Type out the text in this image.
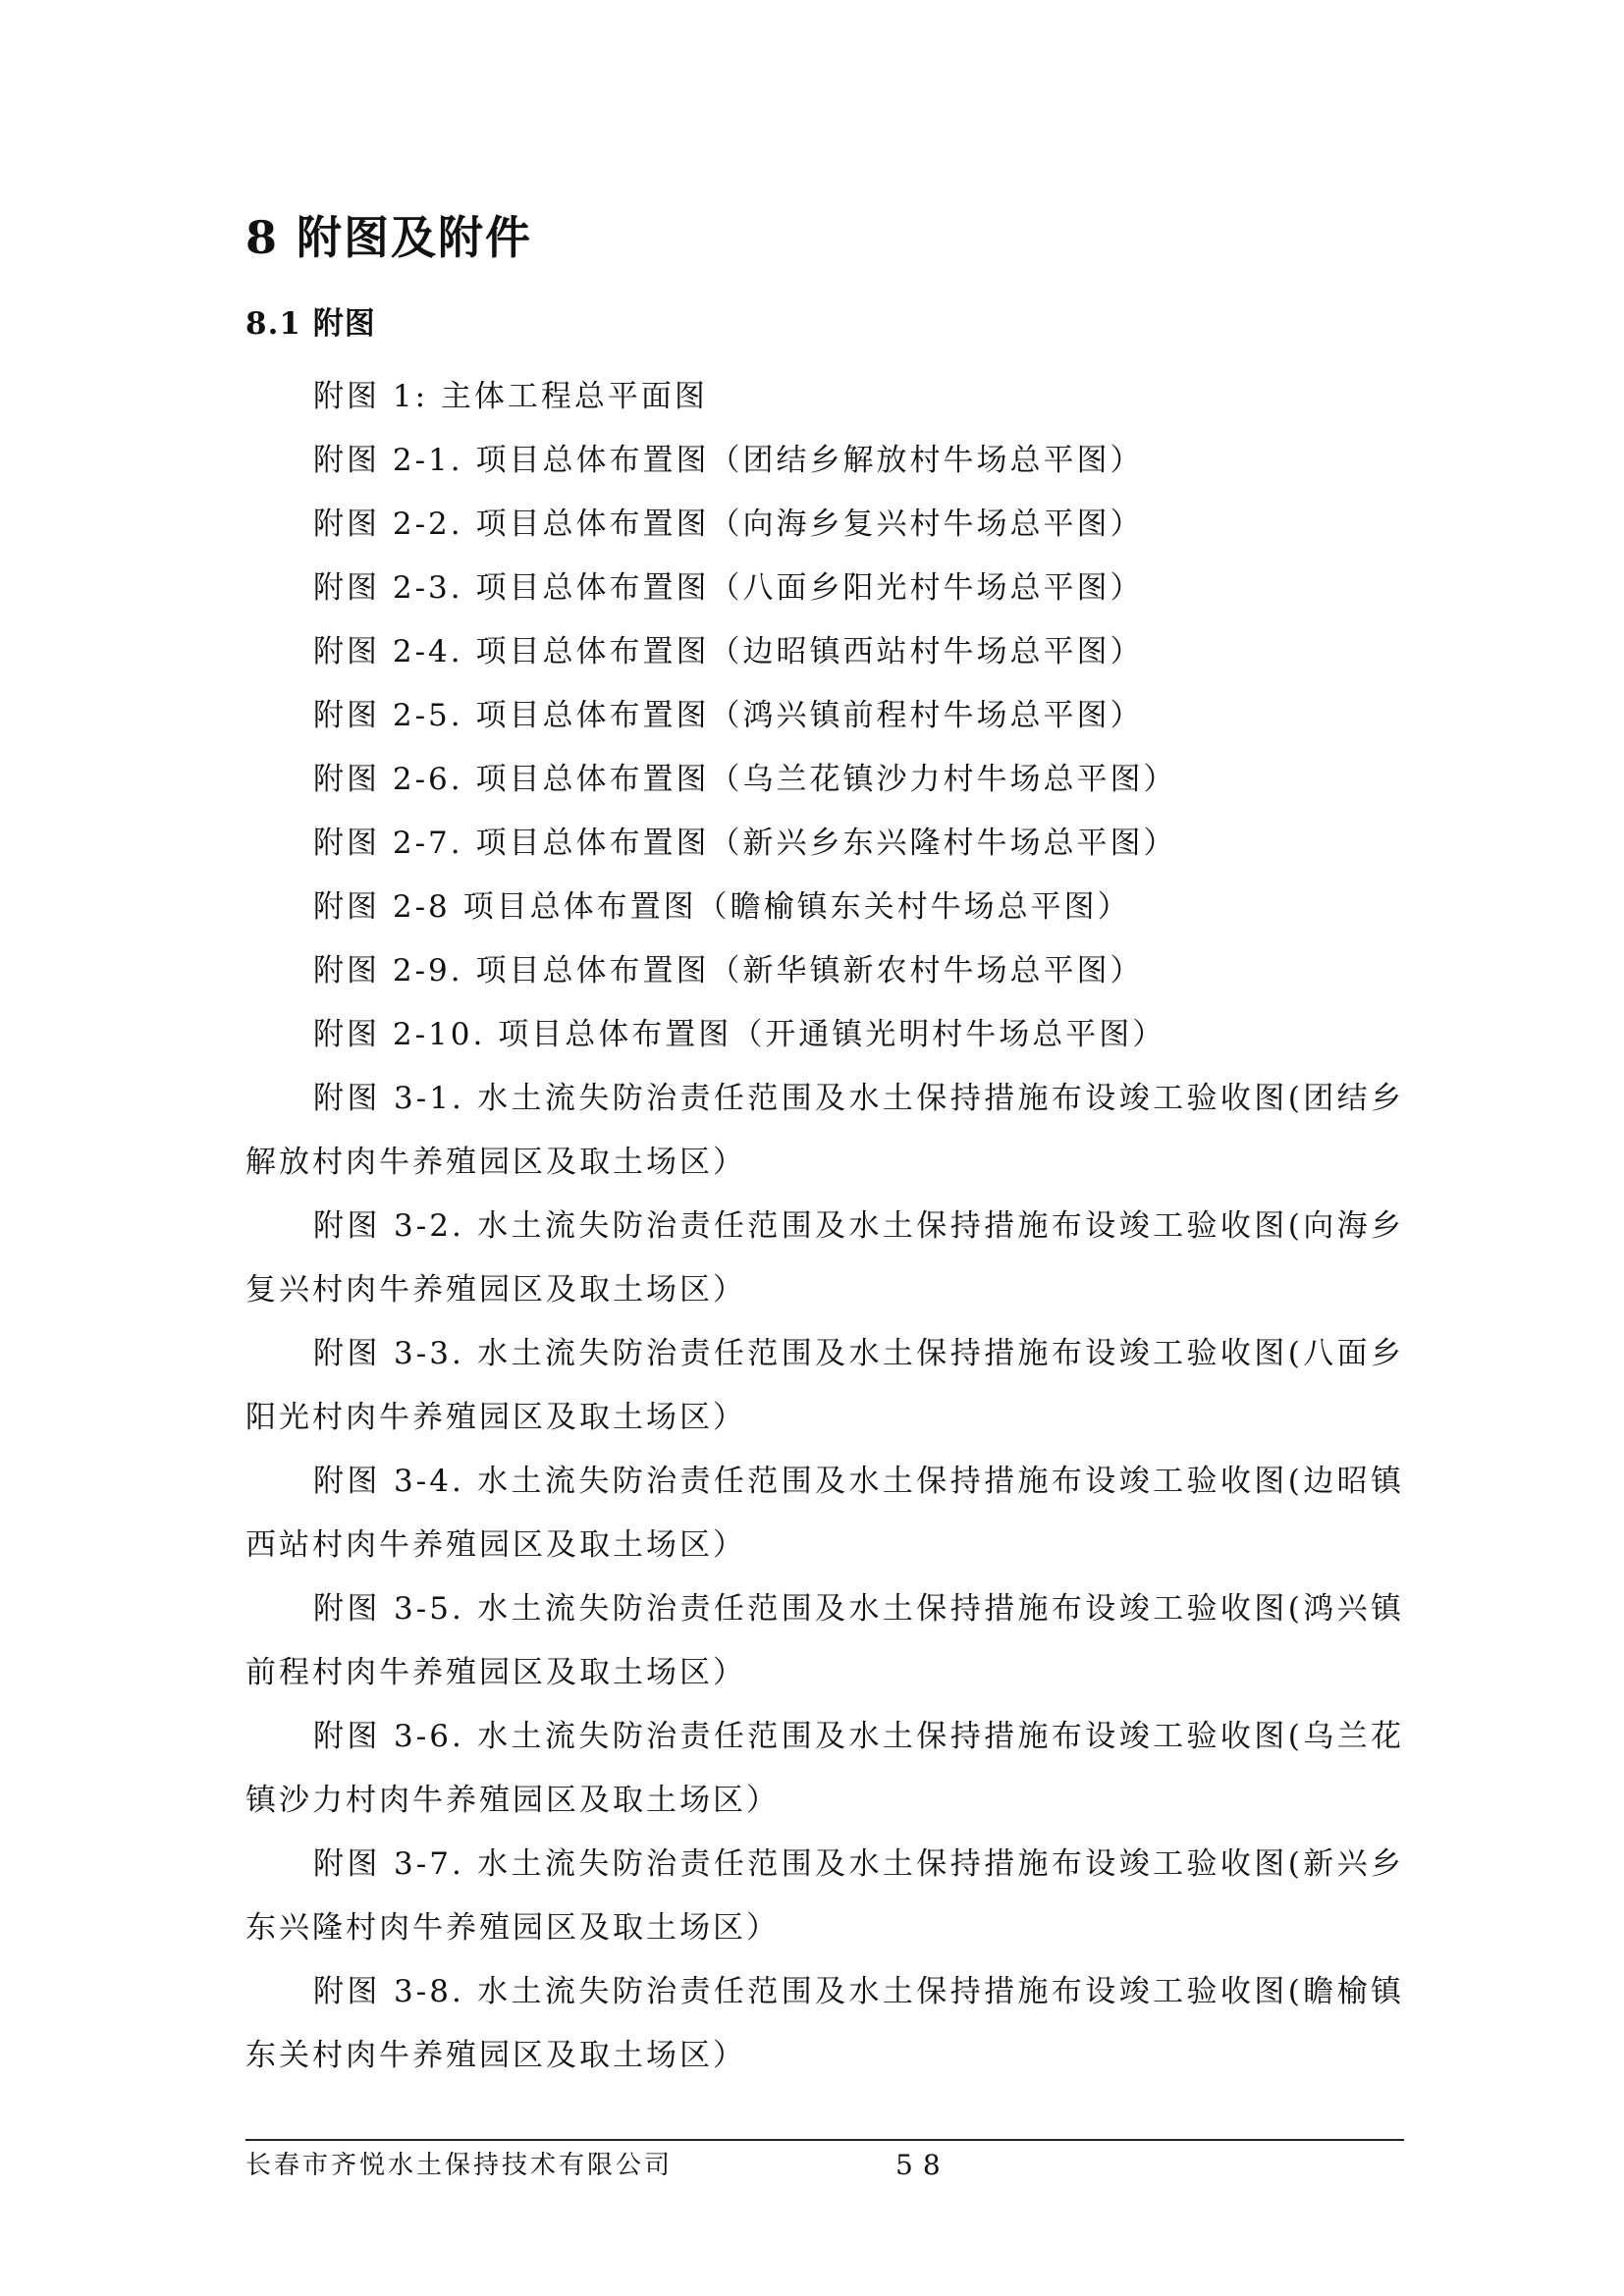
8 附图及附件
8.1 附图

附图 1: 主体工程总平面图

附图 2-1. 项目总体布置图（团结乡解放村牛场总平图）

附图 2-2. 项目总体布置图（向海乡复兴村牛场总平图）

附图 2-3. 项目总体布置图（八面乡阳光村牛场总平图）

附图 2-4. 项目总体布置图（边昭镇西站村牛场总平图）

附图 2-5. 项目总体布置图（鸿兴镇前程村牛场总平图）

附图 2-6. 项目总体布置图（乌兰花镇沙力村牛场总平图）

附图 2-7. 项目总体布置图（新兴乡东兴隆村牛场总平图）

附图 2-8 项目总体布置图（瞻榆镇东关村牛场总平图）

附图 2-9. 项目总体布置图（新华镇新农村牛场总平图）

附图 2-10. 项目总体布置图（开通镇光明村牛场总平图）

附图 3-1. 水土流失防治责任范围及水土保持措施布设竣工验收图(团结乡解放村肉牛养殖园区及取土场区）

附图 3-2. 水土流失防治责任范围及水土保持措施布设竣工验收图(向海乡复兴村肉牛养殖园区及取土场区）

附图 3-3. 水土流失防治责任范围及水土保持措施布设竣工验收图(八面乡阳光村肉牛养殖园区及取土场区）

附图 3-4. 水土流失防治责任范围及水土保持措施布设竣工验收图(边昭镇西站村肉牛养殖园区及取土场区）

附图 3-5. 水土流失防治责任范围及水土保持措施布设竣工验收图(鸿兴镇前程村肉牛养殖园区及取土场区）

附图 3-6. 水土流失防治责任范围及水土保持措施布设竣工验收图(乌兰花镇沙力村肉牛养殖园区及取土场区）

附图 3-7. 水土流失防治责任范围及水土保持措施布设竣工验收图(新兴乡东兴隆村肉牛养殖园区及取土场区）

附图 3-8. 水土流失防治责任范围及水土保持措施布设竣工验收图(瞻榆镇东关村肉牛养殖园区及取土场区）

长春市齐悦水土保持技术有限公司	58
